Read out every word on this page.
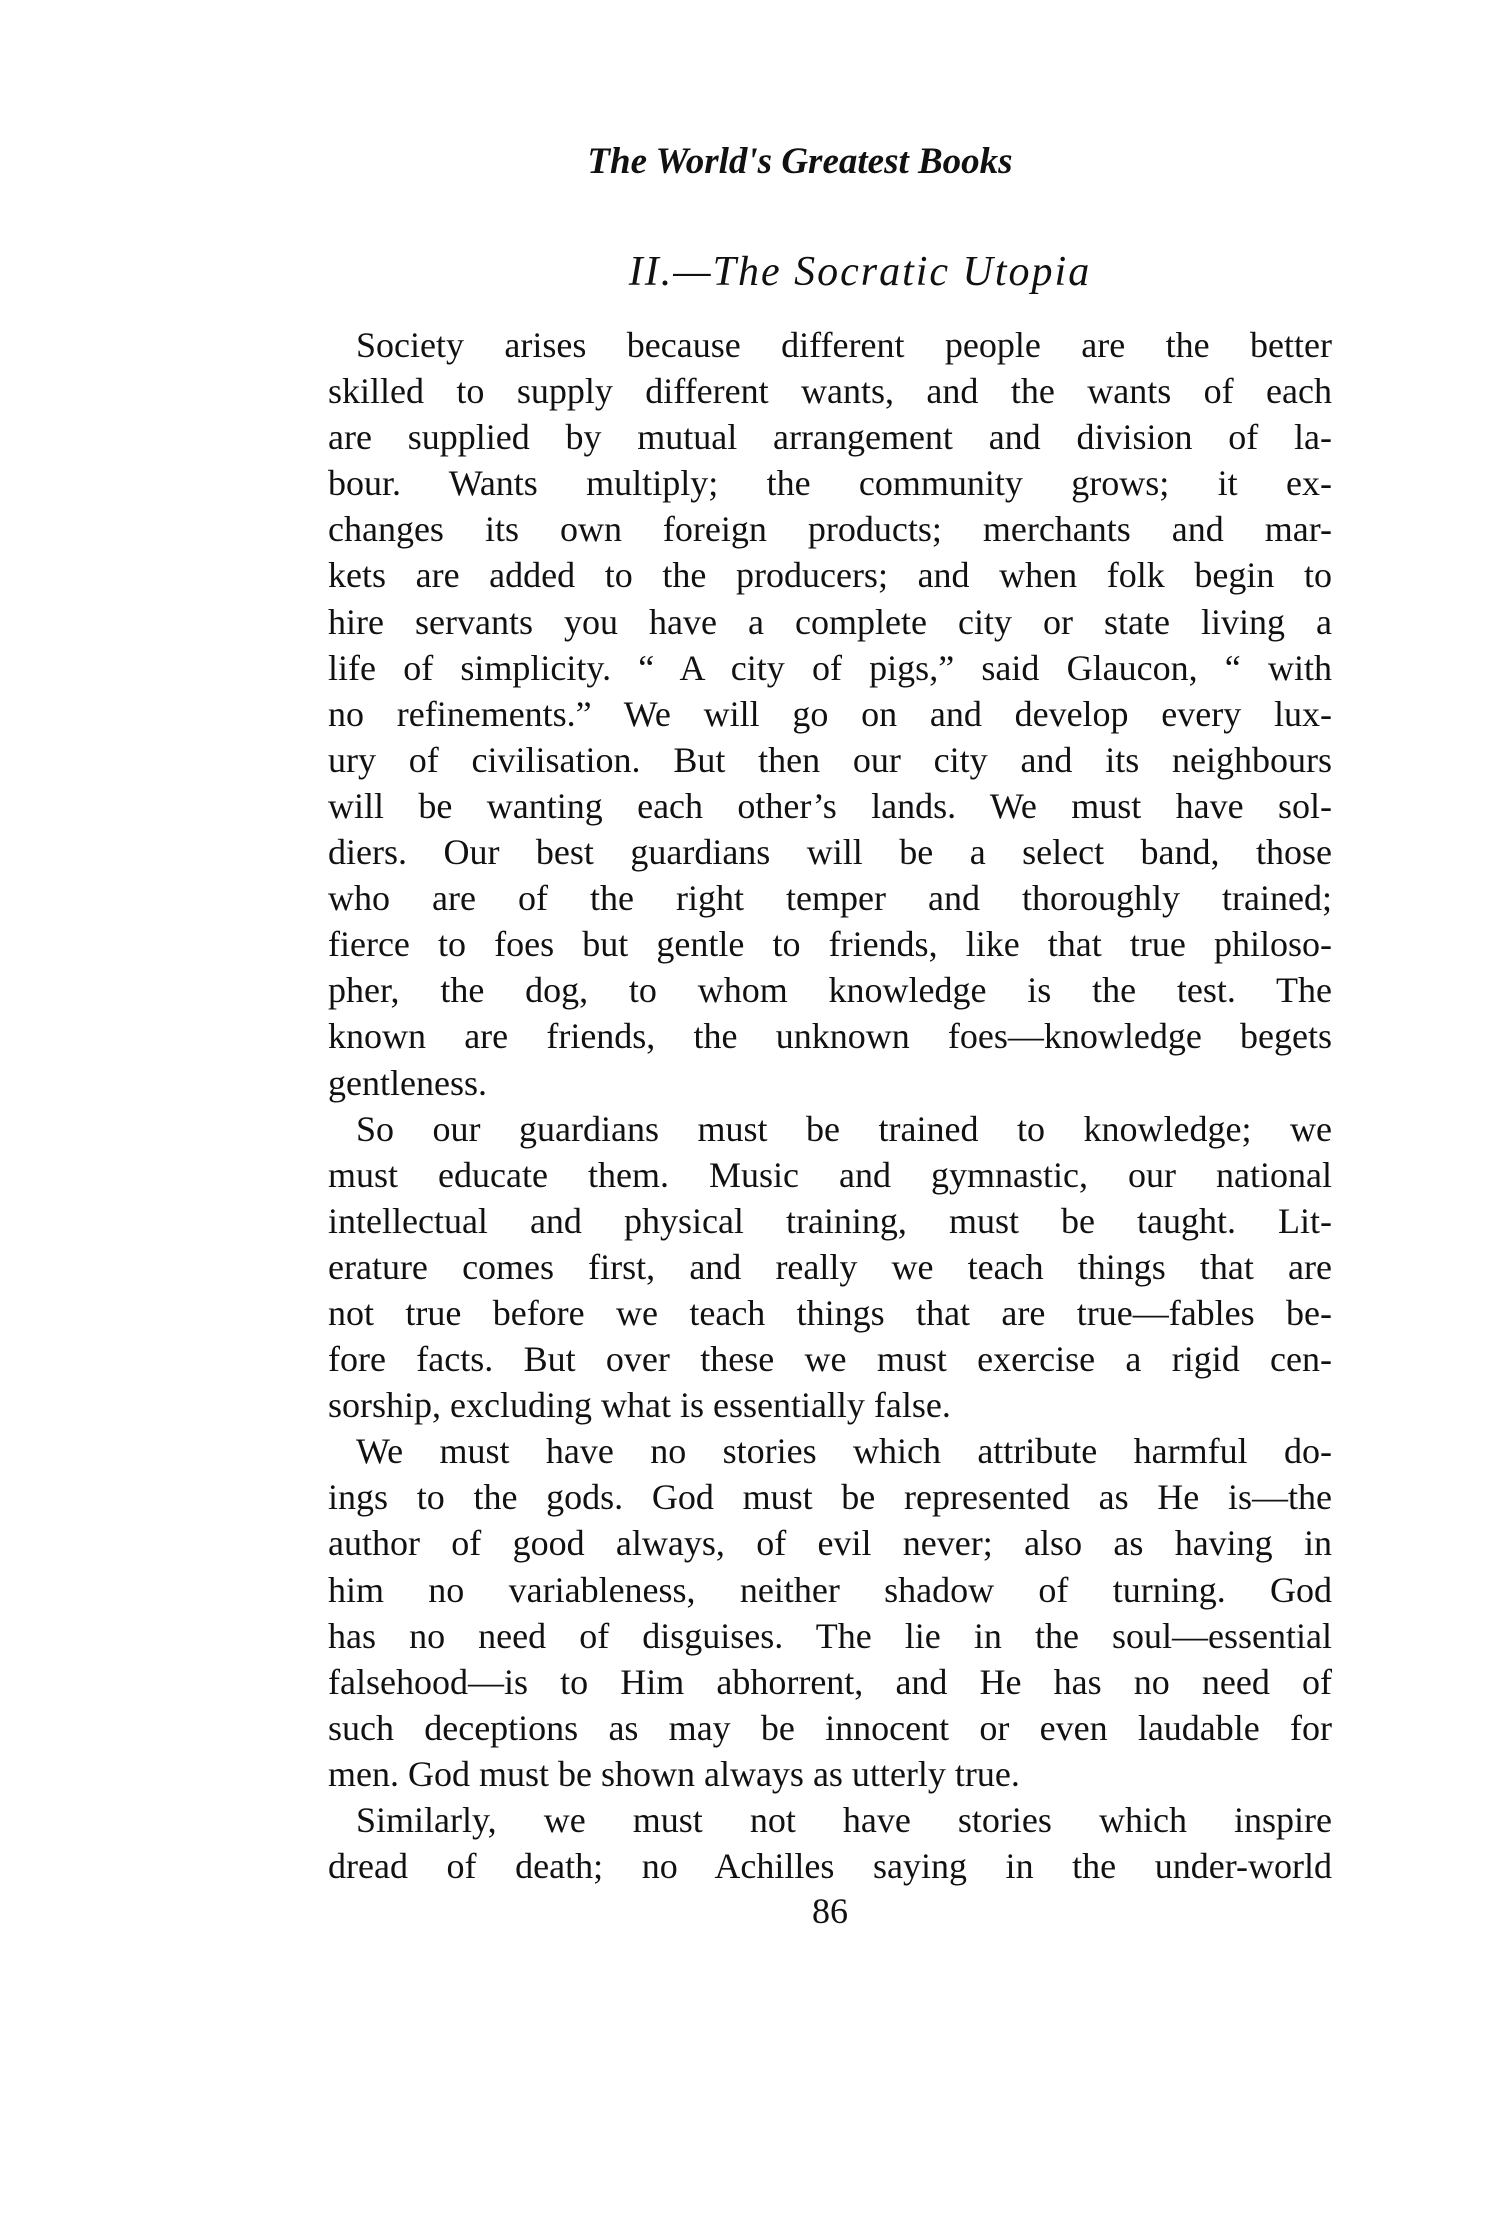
The World's Greatest Books
II.—The Socratic Utopia
Society arises because different people are the better
skilled to supply different wants, and the wants of each
are supplied by mutual arrangement and division of la-
bour. Wants multiply; the community grows; it ex-
changes its own foreign products; merchants and mar-
kets are added to the producers; and when folk begin to
hire servants you have a complete city or state living a
life of simplicity. “ A city of pigs,” said Glaucon, “ with
no refinements.” We will go on and develop every lux-
ury of civilisation. But then our city and its neighbours
will be wanting each other’s lands. We must have sol-
diers. Our best guardians will be a select band, those
who are of the right temper and thoroughly trained;
fierce to foes but gentle to friends, like that true philoso-
pher, the dog, to whom knowledge is the test. The
known are friends, the unknown foes—knowledge begets
gentleness.
So our guardians must be trained to knowledge; we
must educate them. Music and gymnastic, our national
intellectual and physical training, must be taught. Lit-
erature comes first, and really we teach things that are
not true before we teach things that are true—fables be-
fore facts. But over these we must exercise a rigid cen-
sorship, excluding what is essentially false.
We must have no stories which attribute harmful do-
ings to the gods. God must be represented as He is—the
author of good always, of evil never; also as having in
him no variableness, neither shadow of turning. God
has no need of disguises. The lie in the soul—essential
falsehood—is to Him abhorrent, and He has no need of
such deceptions as may be innocent or even laudable for
men. God must be shown always as utterly true.
Similarly, we must not have stories which inspire
dread of death; no Achilles saying in the under-world
86
